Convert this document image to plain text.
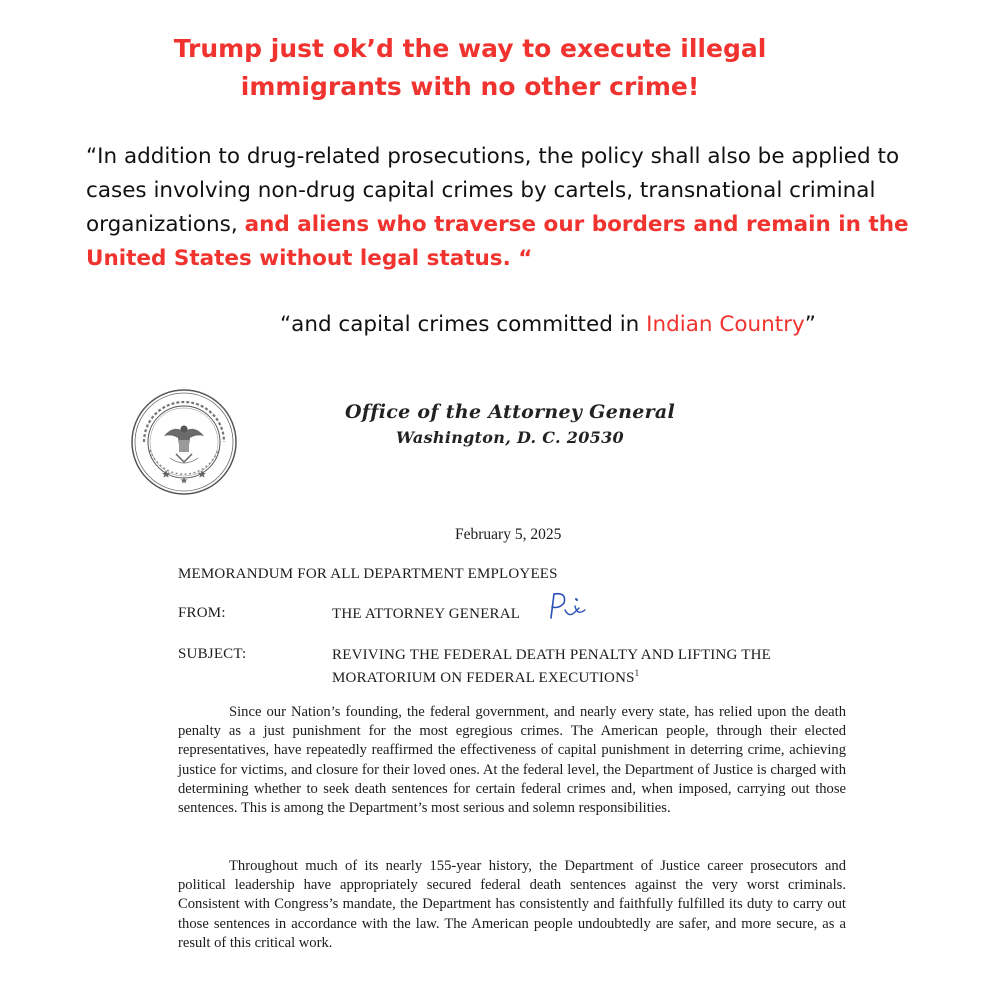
Trump just ok’d the way to execute illegal
immigrants with no other crime!
“In addition to drug-related prosecutions, the policy shall also be applied to cases involving non-drug capital crimes by cartels, transnational criminal organizations, and aliens who traverse our borders and remain in the United States without legal status. “
“and capital crimes committed in Indian Country”
Office of the Attorney General
Washington, D. C. 20530
February 5, 2025
MEMORANDUM FOR ALL DEPARTMENT EMPLOYEES
FROM:	THE ATTORNEY GENERAL
SUBJECT:	REVIVING THE FEDERAL DEATH PENALTY AND LIFTING THE MORATORIUM ON FEDERAL EXECUTIONS$^1$
Since our Nation’s founding, the federal government, and nearly every state, has relied upon the death penalty as a just punishment for the most egregious crimes. The American people, through their elected representatives, have repeatedly reaffirmed the effectiveness of capital punishment in deterring crime, achieving justice for victims, and closure for their loved ones. At the federal level, the Department of Justice is charged with determining whether to seek death sentences for certain federal crimes and, when imposed, carrying out those sentences. This is among the Department’s most serious and solemn responsibilities.
Throughout much of its nearly 155-year history, the Department of Justice career prosecutors and political leadership have appropriately secured federal death sentences against the very worst criminals. Consistent with Congress’s mandate, the Department has consistently and faithfully fulfilled its duty to carry out those sentences in accordance with the law. The American people undoubtedly are safer, and more secure, as a result of this critical work.
